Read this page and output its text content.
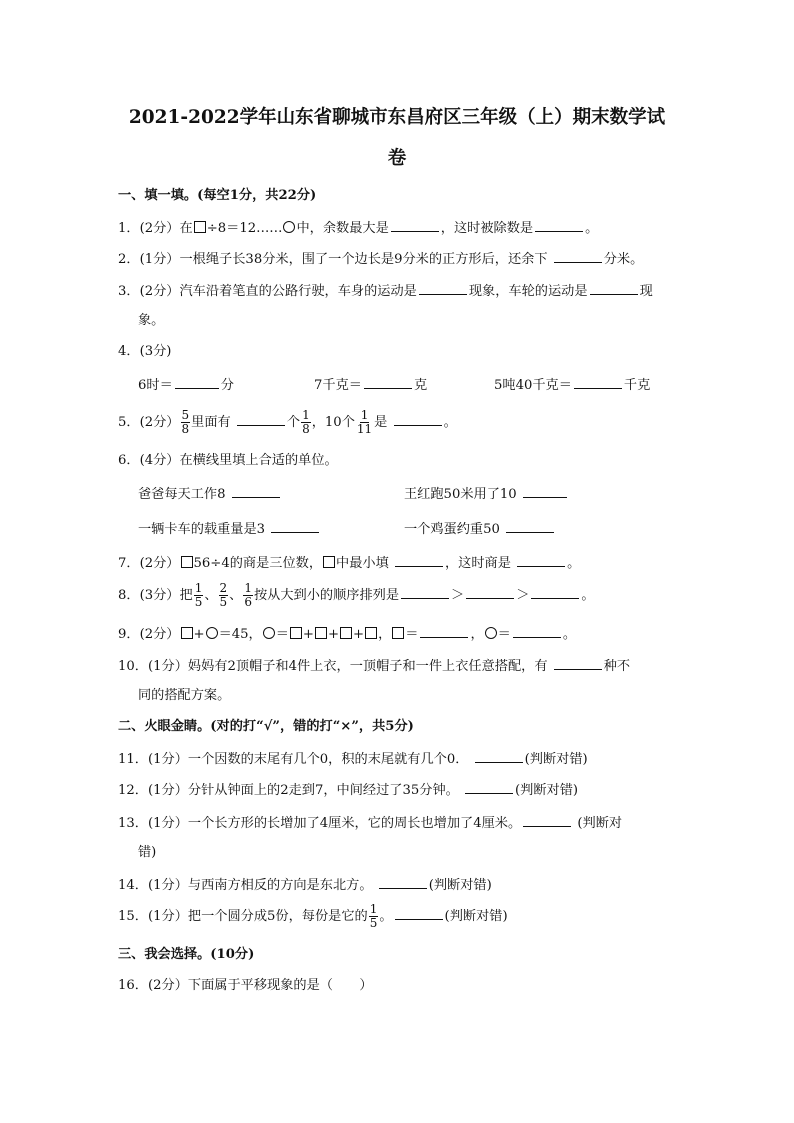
2021-2022学年山东省聊城市东昌府区三年级（上）期末数学试
卷
一、填一填。(每空1分，共22分)
1．(2分）在 ÷8＝12…… 中，余数最大是	，这时被除数是	。
2．(1分）一根绳子长38分米，围了一个边长是9分米的正方形后，还余下	分米。
3．(2分）汽车沿着笔直的公路行驶，车身的运动是	现象，车轮的运动是	现
象。
4．(3分)
6时＝	分	7千克＝	克	5吨40千克＝	千克
5．(2分） $\frac{5}{8}$ 里面有	个 $\frac{1}{8}$ ，10个 $\frac{1}{11}$ 是	。
6．(4分）在横线里填上合适的单位。
爸爸每天工作8	王红跑50米用了10
一辆卡车的载重量是3	一个鸡蛋约重50
7．(2分） 56÷4的商是三位数， 中最小填	，这时商是	。
8．(3分）把 $\frac{1}{5}$ 、 $\frac{2}{5}$ 、 $\frac{1}{6}$ 按从大到小的顺序排列是	＞	＞	。
9．(2分） + ＝45， ＝ + + + ， ＝	， ＝	。
10．(1分）妈妈有2顶帽子和4件上衣，一顶帽子和一件上衣任意搭配，有	种不
同的搭配方案。
二、火眼金睛。(对的打“√”，错的打“×”，共5分)
11．(1分）一个因数的末尾有几个0，积的末尾就有几个0．	(判断对错)
12．(1分）分针从钟面上的2走到7，中间经过了35分钟。	(判断对错)
13．(1分）一个长方形的长增加了4厘米，它的周长也增加了4厘米。	(判断对
错)
14．(1分）与西南方相反的方向是东北方。	(判断对错)
15．(1分）把一个圆分成5份，每份是它的 $\frac{1}{5}$ 。	(判断对错)
三、我会选择。(10分)
16．(2分）下面属于平移现象的是（　　）
